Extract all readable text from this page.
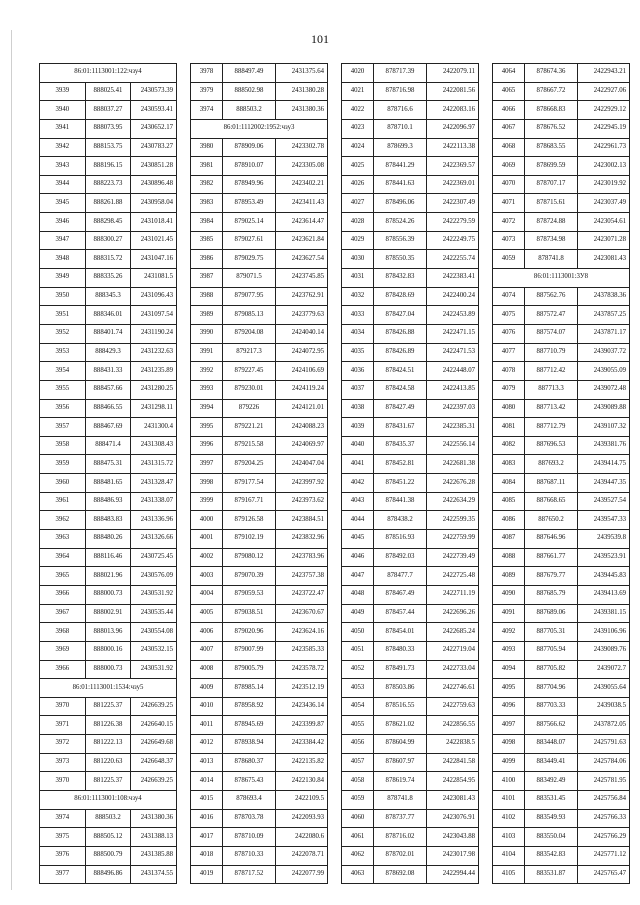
101
86:01:1113001:122:чзу4		
3939	888025.41	2430573.39
3940	888037.27	2430593.41
3941	888073.95	2430652.17
3942	888153.75	2430783.27
3943	888196.15	2430851.28
3944	888223.73	2430896.48
3945	888261.88	2430958.04
3946	888298.45	2431018.41
3947	888300.27	2431021.45
3948	888315.72	2431047.16
3949	888335.26	2431081.5
3950	888345.3	2431096.43
3951	888346.01	2431097.54
3952	888401.74	2431190.24
3953	888429.3	2431232.63
3954	888431.33	2431235.89
3955	888457.66	2431280.25
3956	888466.55	2431298.11
3957	888467.69	2431300.4
3958	888471.4	2431308.43
3959	888475.31	2431315.72
3960	888481.65	2431328.47
3961	888486.93	2431338.07
3962	888483.83	2431336.96
3963	888480.26	2431326.66
3964	888116.46	2430725.45
3965	888021.96	2430576.09
3966	888000.73	2430531.92
3967	888002.91	2430535.44
3968	888013.96	2430554.08
3969	888000.16	2430532.15
3966	888000.73	2430531.92
86:01:1113001:1534:чзу5		
3970	881225.37	2426639.25
3971	881226.38	2426640.15
3972	881222.13	2426649.68
3973	881220.63	2426648.37
3970	881225.37	2426639.25
86:01:1113001:108:чзу4		
3974	888503.2	2431380.36
3975	888505.12	2431388.13
3976	888500.79	2431385.88
3977	888496.86	2431374.55
3978	888497.49	2431375.64
3979	888502.98	2431380.28
3974	888503.2	2431380.36
86:01:1112002:1952:чзу3		
3980	878909.06	2423302.78
3981	878910.07	2423305.08
3982	878949.96	2423402.21
3983	878953.49	2423411.43
3984	879025.14	2423614.47
3985	879027.61	2423621.84
3986	879029.75	2423627.54
3987	879071.5	2423745.85
3988	879077.95	2423762.91
3989	879085.13	2423779.63
3990	879204.08	2424040.14
3991	879217.3	2424072.95
3992	879227.45	2424106.69
3993	879230.01	2424119.24
3994	879226	2424121.01
3995	879221.21	2424088.23
3996	879215.58	2424069.97
3997	879204.25	2424047.04
3998	879177.54	2423997.92
3999	879167.71	2423973.62
4000	879126.58	2423884.51
4001	879102.19	2423832.96
4002	879080.12	2423783.96
4003	879070.39	2423757.38
4004	879059.53	2423722.47
4005	879038.51	2423670.67
4006	879020.96	2423624.16
4007	879007.99	2423585.33
4008	879005.79	2423578.72
4009	878985.14	2423512.19
4010	878958.92	2423436.14
4011	878945.69	2423399.87
4012	878938.94	2423384.42
4013	878680.37	2422135.82
4014	878675.43	2422130.84
4015	878693.4	2422109.5
4016	878703.78	2422093.93
4017	878710.09	2422080.6
4018	878710.33	2422078.71
4019	878717.52	2422077.99
4020	878717.39	2422079.11
4021	878716.98	2422081.56
4022	878716.6	2422083.16
4023	878710.1	2422096.97
4024	878699.3	2422113.38
4025	878441.29	2422369.57
4026	878441.63	2422369.01
4027	878496.06	2422307.49
4028	878524.26	2422279.59
4029	878556.39	2422249.75
4030	878550.35	2422255.74
4031	878432.83	2422383.41
4032	878428.69	2422400.24
4033	878427.04	2422453.89
4034	878426.88	2422471.15
4035	878426.89	2422471.53
4036	878424.51	2422448.07
4037	878424.58	2422413.85
4038	878427.49	2422397.03
4039	878431.67	2422385.31
4040	878435.37	2422556.14
4041	878452.81	2422681.38
4042	878451.22	2422676.28
4043	878441.38	2422634.29
4044	878438.2	2422599.35
4045	878516.93	2422759.99
4046	878492.03	2422739.49
4047	878477.7	2422725.48
4048	878467.49	2422711.19
4049	878457.44	2422696.26
4050	878454.01	2422685.24
4051	878480.33	2422719.04
4052	878491.73	2422733.04
4053	878503.86	2422746.61
4054	878516.55	2422759.63
4055	878621.02	2422856.55
4056	878604.99	2422838.5
4057	878607.97	2422841.58
4058	878619.74	2422854.95
4059	878741.8	2423081.43
4060	878737.77	2423076.91
4061	878716.02	2423043.88
4062	878702.01	2423017.98
4063	878692.08	2422994.44
4064	878674.36	2422943.21
4065	878667.72	2422927.06
4066	878668.83	2422929.12
4067	878676.52	2422945.19
4068	878683.55	2422961.73
4069	878699.59	2423002.13
4070	878707.17	2423019.92
4071	878715.61	2423037.49
4072	878724.88	2423054.61
4073	878734.98	2423071.28
4059	878741.8	2423081.43
86:01:1113001:3У8		
4074	887562.76	2437838.36
4075	887572.47	2437857.25
4076	887574.07	2437871.17
4077	887710.79	2439037.72
4078	887712.42	2439055.09
4079	887713.3	2439072.48
4080	887713.42	2439089.88
4081	887712.79	2439107.32
4082	887696.53	2439381.76
4083	887693.2	2439414.75
4084	887687.11	2439447.35
4085	887668.65	2439527.54
4086	887650.2	2439547.33
4087	887646.96	2439539.8
4088	887661.77	2439523.91
4089	887679.77	2439445.83
4090	887685.79	2439413.69
4091	887689.06	2439381.15
4092	887705.31	2439106.96
4093	887705.94	2439089.76
4094	887705.82	2439072.7
4095	887704.96	2439055.64
4096	887703.33	2439038.5
4097	887566.62	2437872.05
4098	883448.07	2425791.63
4099	883449.41	2425784.06
4100	883492.49	2425781.95
4101	883531.45	2425756.84
4102	883549.93	2425766.33
4103	883550.04	2425766.29
4104	883542.83	2425771.12
4105	883531.87	2425765.47
